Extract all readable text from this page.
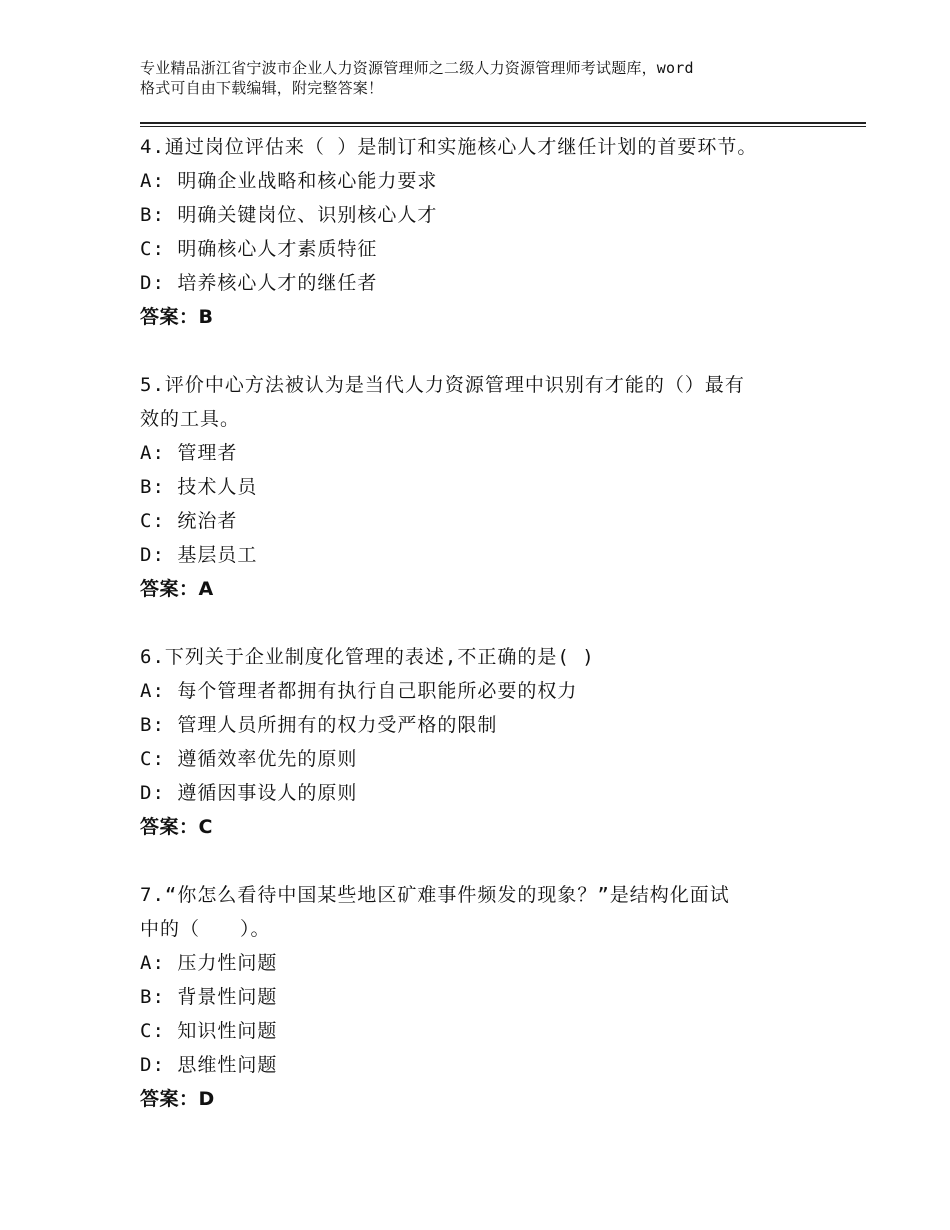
专业精品浙江省宁波市企业人力资源管理师之二级人力资源管理师考试题库，word
格式可自由下载编辑，附完整答案！
4.通过岗位评估来（ ）是制订和实施核心人才继任计划的首要环节。
A: 明确企业战略和核心能力要求
B: 明确关键岗位、识别核心人才
C: 明确核心人才素质特征
D: 培养核心人才的继任者
答案：B
5.评价中心方法被认为是当代人力资源管理中识别有才能的（）最有
效的工具。
A: 管理者
B: 技术人员
C: 统治者
D: 基层员工
答案：A
6.下列关于企业制度化管理的表述,不正确的是( )
A: 每个管理者都拥有执行自己职能所必要的权力
B: 管理人员所拥有的权力受严格的限制
C: 遵循效率优先的原则
D: 遵循因事设人的原则
答案：C
7.“你怎么看待中国某些地区矿难事件频发的现象？”是结构化面试
中的（　　）。
A: 压力性问题
B: 背景性问题
C: 知识性问题
D: 思维性问题
答案：D
